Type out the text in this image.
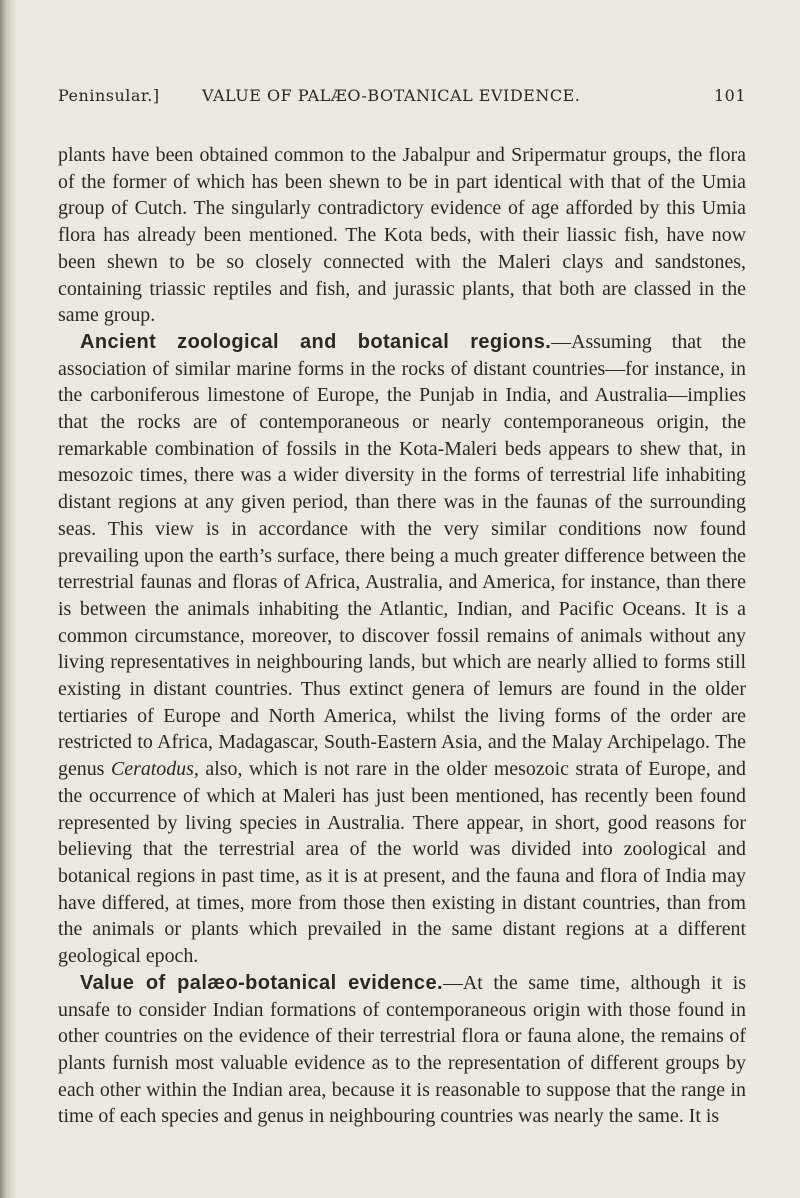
Peninsular.]	VALUE OF PALÆO-BOTANICAL EVIDENCE.	101

plants have been obtained common to the Jabalpur and Sripermatur groups, the flora of the former of which has been shewn to be in part identical with that of the Umia group of Cutch. The singularly contradictory evidence of age afforded by this Umia flora has already been mentioned. The Kota beds, with their liassic fish, have now been shewn to be so closely connected with the Maleri clays and sandstones, containing triassic reptiles and fish, and jurassic plants, that both are classed in the same group.

Ancient zoological and botanical regions.—Assuming that the association of similar marine forms in the rocks of distant countries—for instance, in the carboniferous limestone of Europe, the Punjab in India, and Australia—implies that the rocks are of contemporaneous or nearly contemporaneous origin, the remarkable combination of fossils in the Kota-Maleri beds appears to shew that, in mesozoic times, there was a wider diversity in the forms of terrestrial life inhabiting distant regions at any given period, than there was in the faunas of the surrounding seas. This view is in accordance with the very similar conditions now found prevailing upon the earth’s surface, there being a much greater difference between the terrestrial faunas and floras of Africa, Australia, and America, for instance, than there is between the animals inhabiting the Atlantic, Indian, and Pacific Oceans. It is a common circumstance, moreover, to discover fossil remains of animals without any living representatives in neighbouring lands, but which are nearly allied to forms still existing in distant countries. Thus extinct genera of lemurs are found in the older tertiaries of Europe and North America, whilst the living forms of the order are restricted to Africa, Madagascar, South-Eastern Asia, and the Malay Archipelago. The genus Ceratodus, also, which is not rare in the older mesozoic strata of Europe, and the occurrence of which at Maleri has just been mentioned, has recently been found represented by living species in Australia. There appear, in short, good reasons for believing that the terrestrial area of the world was divided into zoological and botanical regions in past time, as it is at present, and the fauna and flora of India may have differed, at times, more from those then existing in distant countries, than from the animals or plants which prevailed in the same distant regions at a different geological epoch.

Value of palæo-botanical evidence.—At the same time, although it is unsafe to consider Indian formations of contemporaneous origin with those found in other countries on the evidence of their terrestrial flora or fauna alone, the remains of plants furnish most valuable evidence as to the representation of different groups by each other within the Indian area, because it is reasonable to suppose that the range in time of each species and genus in neighbouring countries was nearly the same. It is
